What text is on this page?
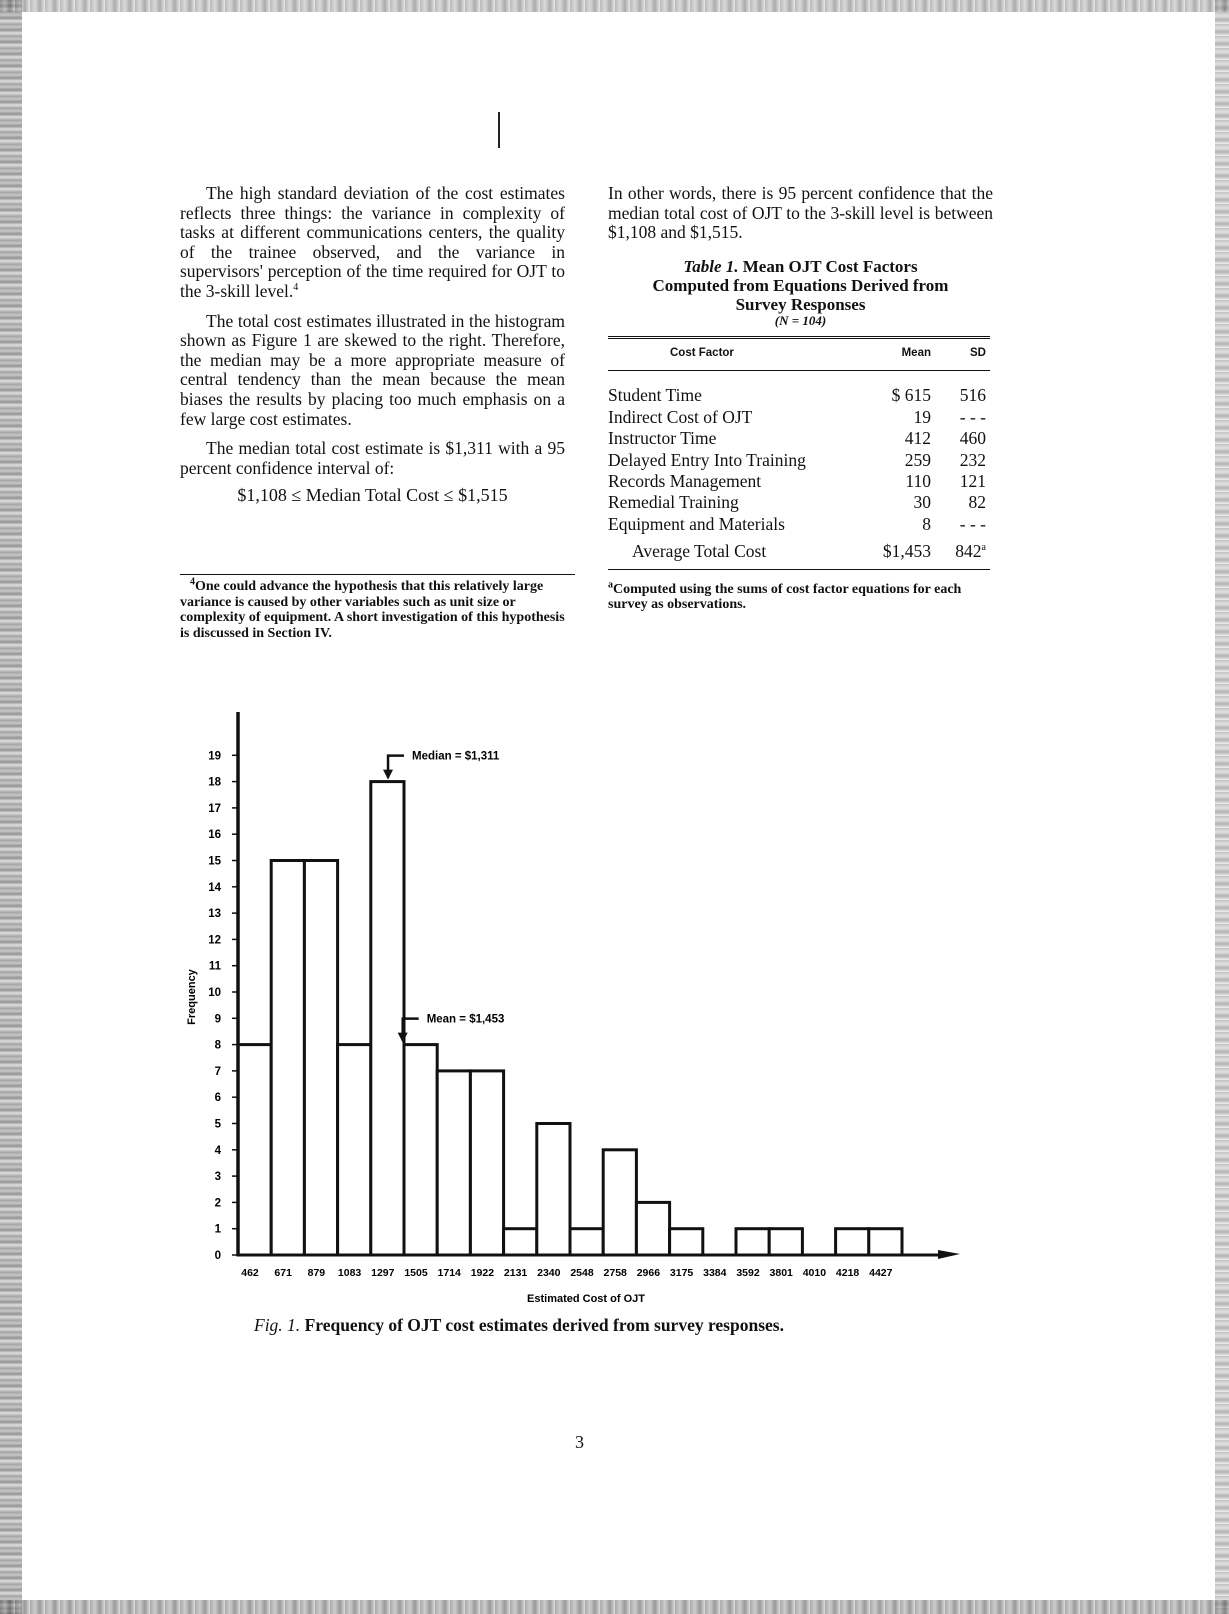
The high standard deviation of the cost estimates reflects three things: the variance in complexity of tasks at different communications centers, the quality of the trainee observed, and the variance in supervisors' perception of the time required for OJT to the 3-skill level.$^4$

The total cost estimates illustrated in the histogram shown as Figure 1 are skewed to the right. Therefore, the median may be a more appropriate measure of central tendency than the mean because the mean biases the results by placing too much emphasis on a few large cost estimates.

The median total cost estimate is $1,311 with a 95 percent confidence interval of:

$1,108 ≤ Median Total Cost ≤ $1,515

$^4$One could advance the hypothesis that this relatively large variance is caused by other variables such as unit size or complexity of equipment. A short investigation of this hypothesis is discussed in Section IV.

In other words, there is 95 percent confidence that the median total cost of OJT to the 3-skill level is between $1,108 and $1,515.

Table 1. Mean OJT Cost Factors
Computed from Equations Derived from
Survey Responses
(N = 104)
Cost Factor	Mean	SD
Student Time	$ 615	516
Indirect Cost of OJT	19	- - -
Instructor Time	412	460
Delayed Entry Into Training	259	232
Records Management	110	121
Remedial Training	30	82
Equipment and Materials	8	- - -
Average Total Cost	$1,453	842$^a$
$^a$Computed using the sums of cost factor equations for each survey as observations.
0
1
2
3
4
5
6
7
8
9
10
11
12
13
14
15
16
17
18
19
462 671 879 1083 1297 1505 1714 1922 2131 2340 2548 2758 2966 3175 3384 3592 3801 4010 4218 4427
Frequency
Estimated Cost of OJT
Median = $1,311
Mean = $1,453
Fig. 1. Frequency of OJT cost estimates derived from survey responses.
3
